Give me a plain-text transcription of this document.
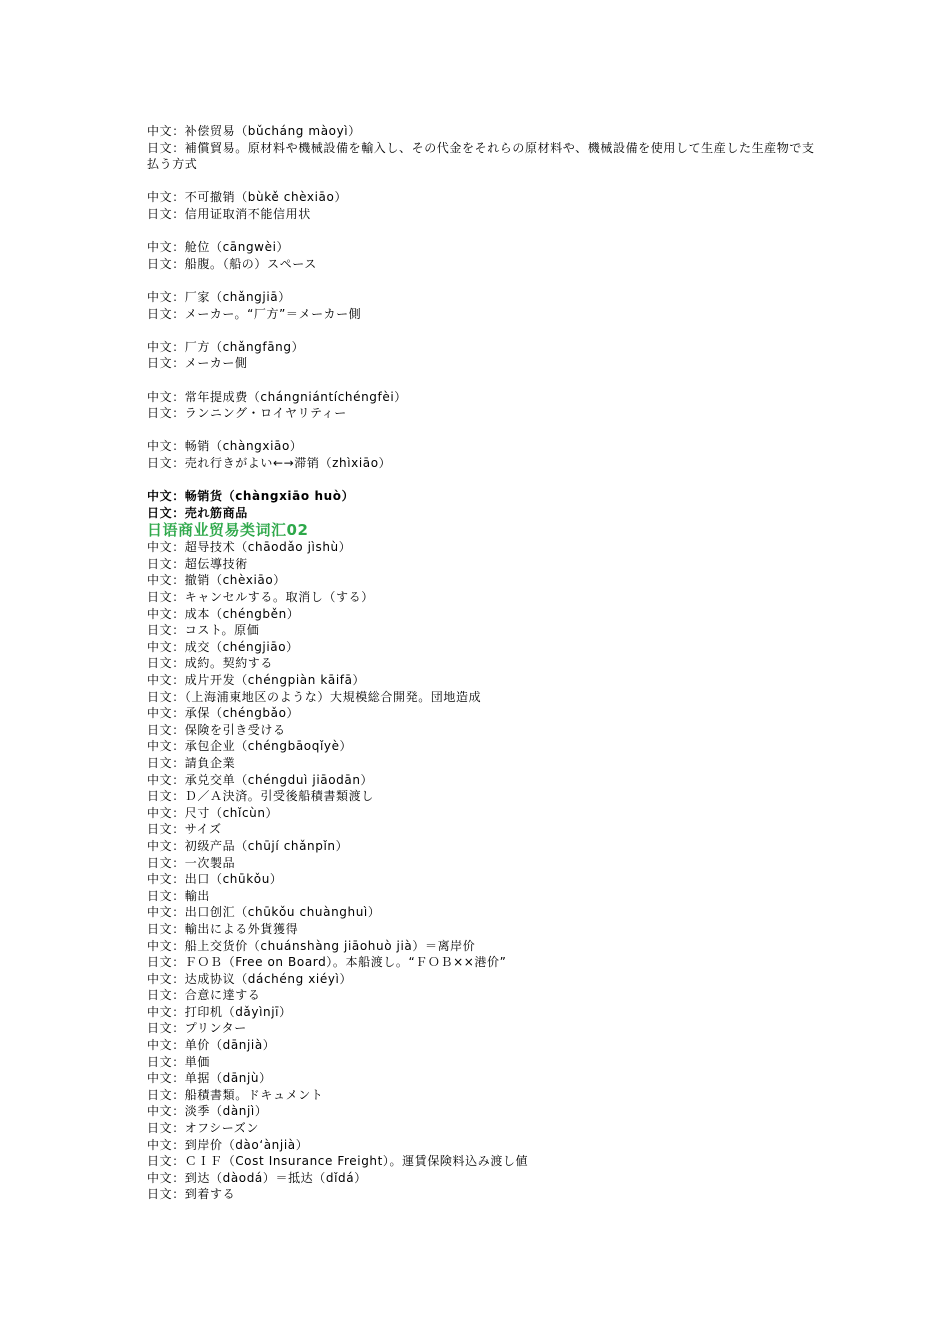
中文：补偿贸易（bǔcháng màoyì）
日文：補償貿易。原材料や機械設備を輸入し、その代金をそれらの原材料や、機械設備を使用して生産した生産物で支払う方式
中文：不可撤销（bùkě chèxiāo）
日文：信用证取消不能信用状
中文：舱位（cāngwèi）
日文：船腹。（船の）スペース
中文：厂家（chǎngjiā）
日文：メーカー。“厂方”＝メーカー側
中文：厂方（chǎngfāng）
日文：メーカー側
中文：常年提成费（chángniántíchéngfèi）
日文：ランニング・ロイヤリティー
中文：畅销（chàngxiāo）
日文：売れ行きがよい←→滞销（zhìxiāo）
中文：畅销货（chàngxiāo huò）
日文：売れ筋商品
日语商业贸易类词汇02
中文：超导技术（chāodǎo jìshù）
日文：超伝導技術
中文：撤销（chèxiāo）
日文：キャンセルする。取消し（する）
中文：成本（chéngběn）
日文：コスト。原価
中文：成交（chéngjiāo）
日文：成約。契約する
中文：成片开发（chéngpiàn kāifā）
日文：（上海浦東地区のような）大規模総合開発。団地造成
中文：承保（chéngbǎo）
日文：保険を引き受ける
中文：承包企业（chéngbāoqǐyè）
日文：請負企業
中文：承兑交单（chéngduì jiāodān）
日文：Ｄ／Ａ決済。引受後船積書類渡し
中文：尺寸（chǐcùn）
日文：サイズ
中文：初级产品（chūjí chǎnpǐn）
日文：一次製品
中文：出口（chūkǒu）
日文：輸出
中文：出口创汇（chūkǒu chuànghuì）
日文：輸出による外貨獲得
中文：船上交货价（chuánshàng jiāohuò jià）＝离岸价
日文：ＦＯＢ（Free on Board）。本船渡し。“ＦＯＢ××港价”
中文：达成协议（dáchéng xiéyì）
日文：合意に達する
中文：打印机（dǎyìnjī）
日文：プリンター
中文：单价（dānjià）
日文：単価
中文：单据（dānjù）
日文：船積書類。ドキュメント
中文：淡季（dànjì）
日文：オフシーズン
中文：到岸价（dào‘ànjià）
日文：ＣＩＦ（Cost Insurance Freight）。運賃保険料込み渡し値
中文：到达（dàodá）＝抵达（dǐdá）
日文：到着する
